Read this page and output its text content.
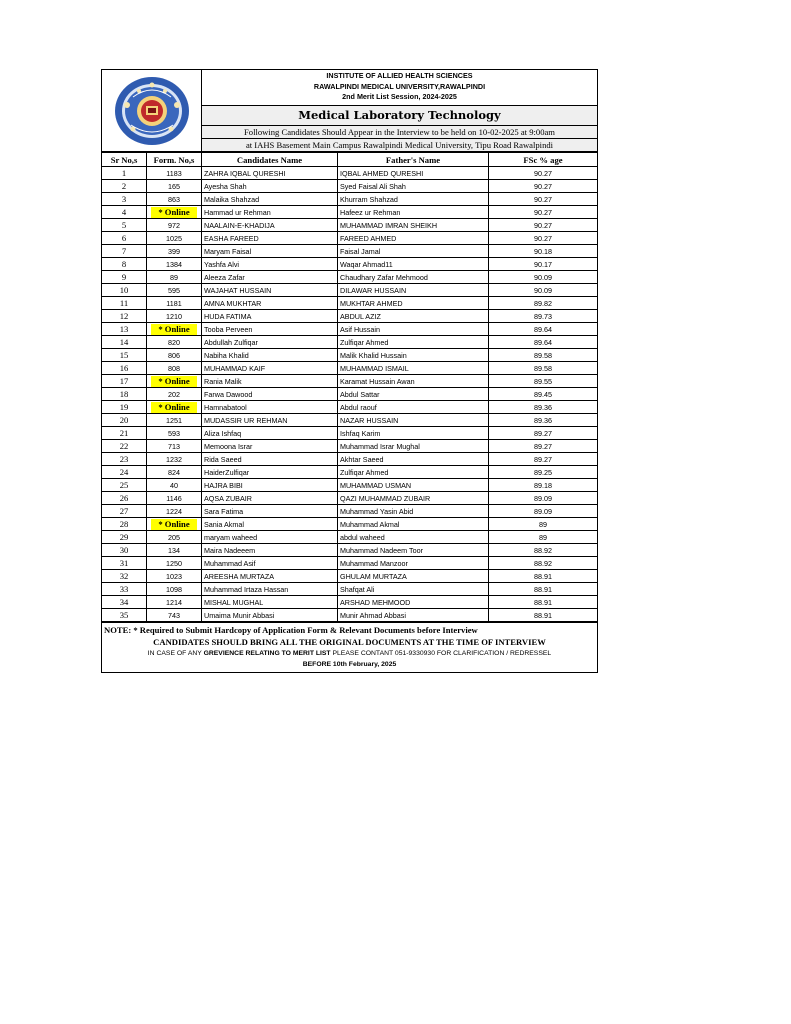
INSTITUTE OF ALLIED HEALTH SCIENCES
RAWALPINDI MEDICAL UNIVERSITY,RAWALPINDI
2nd Merit List Session, 2024-2025
Medical Laboratory Technology
Following Candidates Should Appear in the Interview to be held on 10-02-2025 at 9:00am
at IAHS Basement Main Campus Rawalpindi Medical University, Tipu Road Rawalpindi
Sr No,s	Form. No,s	Candidates Name	Father's Name	FSc % age
1	1183	ZAHRA IQBAL QURESHI	IQBAL AHMED QURESHI	90.27
2	165	Ayesha Shah	Syed Faisal Ali Shah	90.27
3	863	Malaika Shahzad	Khurram Shahzad	90.27
4	* Online	Hammad ur Rehman	Hafeez ur Rehman	90.27
5	972	NAALAIN-E-KHADIJA	MUHAMMAD IMRAN SHEIKH	90.27
6	1025	EASHA FAREED	FAREED AHMED	90.27
7	399	Maryam Faisal	Faisal Jamal	90.18
8	1384	Yashfa Alvi	Waqar Ahmad11	90.17
9	89	Aleeza Zafar	Chaudhary Zafar Mehmood	90.09
10	595	WAJAHAT HUSSAIN	DILAWAR HUSSAIN	90.09
11	1181	AMNA MUKHTAR	MUKHTAR AHMED	89.82
12	1210	HUDA FATIMA	ABDUL AZIZ	89.73
13	* Online	Tooba Perveen	Asif Hussain	89.64
14	820	Abdullah Zulfiqar	Zulfiqar Ahmed	89.64
15	806	Nabiha Khalid	Malik Khalid Hussain	89.58
16	808	MUHAMMAD KAIF	MUHAMMAD ISMAIL	89.58
17	* Online	Rania Malik	Karamat Hussain Awan	89.55
18	202	Farwa Dawood	Abdul Sattar	89.45
19	* Online	Hamnabatool	Abdul raouf	89.36
20	1251	MUDASSIR UR REHMAN	NAZAR HUSSAIN	89.36
21	593	Aliza Ishfaq	Ishfaq Karim	89.27
22	713	Memoona Israr	Muhammad Israr Mughal	89.27
23	1232	Rida Saeed	Akhtar Saeed	89.27
24	824	HaiderZulfiqar	Zulfiqar Ahmed	89.25
25	40	HAJRA BIBI	MUHAMMAD USMAN	89.18
26	1146	AQSA ZUBAIR	QAZI MUHAMMAD ZUBAIR	89.09
27	1224	Sara Fatima	Muhammad Yasin Abid	89.09
28	* Online	Sania Akmal	Muhammad Akmal	89
29	205	maryam waheed	abdul waheed	89
30	134	Maira Nadeeem	Muhammad Nadeem Toor	88.92
31	1250	Muhammad Asif	Muhammad Manzoor	88.92
32	1023	AREESHA MURTAZA	GHULAM MURTAZA	88.91
33	1098	Muhammad Irtaza Hassan	Shafqat Ali	88.91
34	1214	MISHAL MUGHAL	ARSHAD MEHMOOD	88.91
35	743	Umaima Munir Abbasi	Munir Ahmad Abbasi	88.91
NOTE: * Required to Submit Hardcopy of Application Form & Relevant Documents before Interview
CANDIDATES SHOULD BRING ALL THE ORIGINAL DOCUMENTS AT THE TIME OF INTERVIEW
IN CASE OF ANY GREVIENCE RELATING TO MERIT LIST PLEASE CONTANT 051-9330930 FOR CLARIFICATION / REDRESSEL
BEFORE 10th February, 2025
